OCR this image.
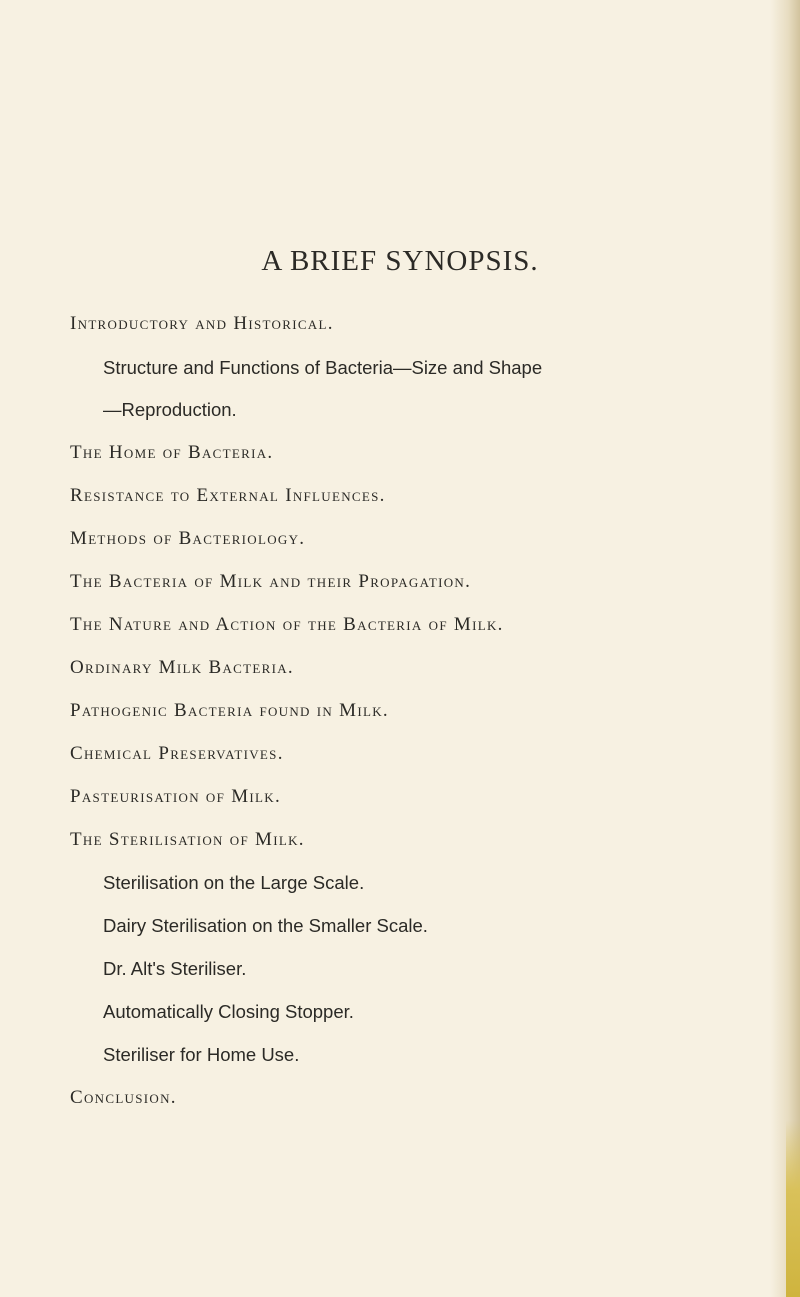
A BRIEF SYNOPSIS.
Introductory and Historical.
Structure and Functions of Bacteria—Size and Shape
—Reproduction.
The Home of Bacteria.
Resistance to External Influences.
Methods of Bacteriology.
The Bacteria of Milk and their Propagation.
The Nature and Action of the Bacteria of Milk.
Ordinary Milk Bacteria.
Pathogenic Bacteria found in Milk.
Chemical Preservatives.
Pasteurisation of Milk.
The Sterilisation of Milk.
Sterilisation on the Large Scale.
Dairy Sterilisation on the Smaller Scale.
Dr. Alt's Steriliser.
Automatically Closing Stopper.
Steriliser for Home Use.
Conclusion.
